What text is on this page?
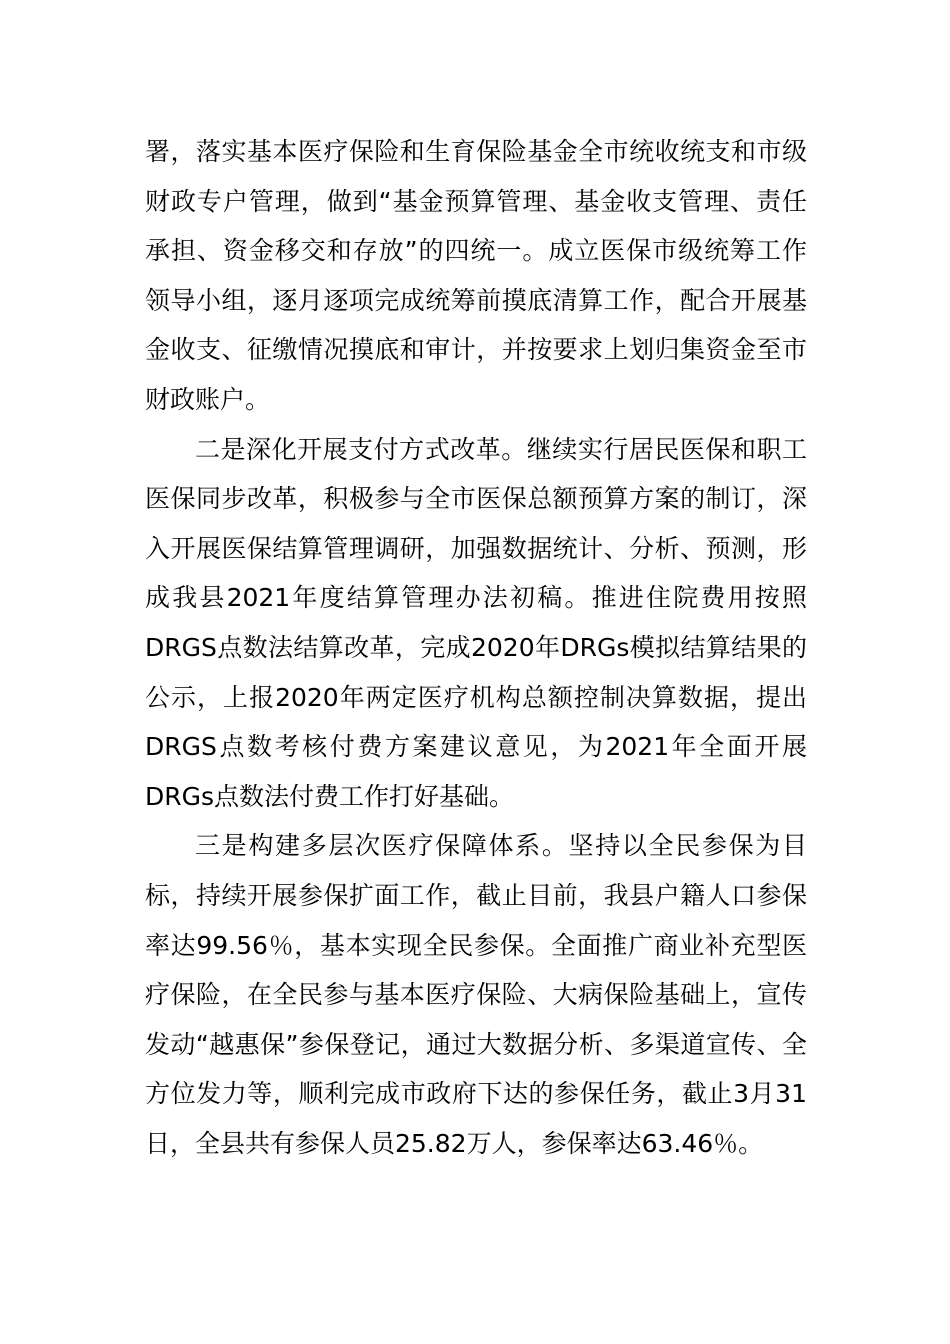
署，落实基本医疗保险和生育保险基金全市统收统支和市级财政专户管理，做到“基金预算管理、基金收支管理、责任承担、资金移交和存放”的四统一。成立医保市级统筹工作领导小组，逐月逐项完成统筹前摸底清算工作，配合开展基金收支、征缴情况摸底和审计，并按要求上划归集资金至市财政账户。

二是深化开展支付方式改革。继续实行居民医保和职工医保同步改革，积极参与全市医保总额预算方案的制订，深入开展医保结算管理调研，加强数据统计、分析、预测，形成我县2021年度结算管理办法初稿。推进住院费用按照DRGS点数法结算改革，完成2020年DRGs模拟结算结果的公示，上报2020年两定医疗机构总额控制决算数据，提出DRGS点数考核付费方案建议意见，为2021年全面开展DRGs点数法付费工作打好基础。

三是构建多层次医疗保障体系。坚持以全民参保为目标，持续开展参保扩面工作，截止目前，我县户籍人口参保率达99.56％，基本实现全民参保。全面推广商业补充型医疗保险，在全民参与基本医疗保险、大病保险基础上，宣传发动“越惠保”参保登记，通过大数据分析、多渠道宣传、全方位发力等，顺利完成市政府下达的参保任务，截止3月31日，全县共有参保人员25.82万人，参保率达63.46％。
